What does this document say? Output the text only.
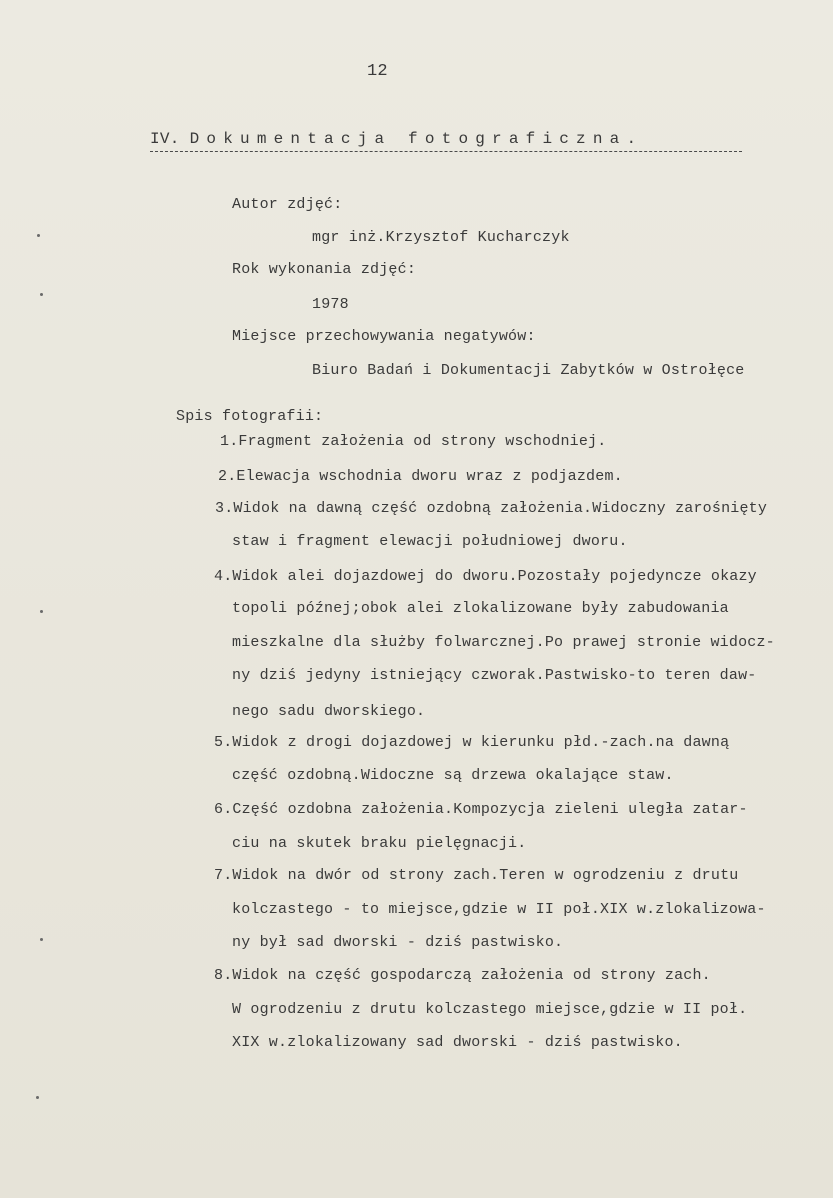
12
IV. Dokumentacja fotograficzna.
Autor zdjęć:
mgr inż.Krzysztof Kucharczyk
Rok wykonania zdjęć:
1978
Miejsce przechowywania negatywów:
Biuro Badań i Dokumentacji Zabytków w Ostrołęce
Spis fotografii:
1.Fragment założenia od strony wschodniej.
2.Elewacja wschodnia dworu wraz z podjazdem.
3.Widok na dawną część ozdobną założenia.Widoczny zarośnięty
staw i fragment elewacji południowej dworu.
4.Widok alei dojazdowej do dworu.Pozostały pojedyncze okazy
topoli późnej;obok alei zlokalizowane były zabudowania
mieszkalne dla służby folwarcznej.Po prawej stronie widocz-
ny dziś jedyny istniejący czworak.Pastwisko-to teren daw-
nego sadu dworskiego.
5.Widok z drogi dojazdowej w kierunku płd.-zach.na dawną
część ozdobną.Widoczne są drzewa okalające staw.
6.Część ozdobna założenia.Kompozycja zieleni uległa zatar-
ciu na skutek braku pielęgnacji.
7.Widok na dwór od strony zach.Teren w ogrodzeniu z drutu
kolczastego - to miejsce,gdzie w II poł.XIX w.zlokalizowa-
ny był sad dworski - dziś pastwisko.
8.Widok na część gospodarczą założenia od strony zach.
W ogrodzeniu z drutu kolczastego miejsce,gdzie w II poł.
XIX w.zlokalizowany sad dworski - dziś pastwisko.
